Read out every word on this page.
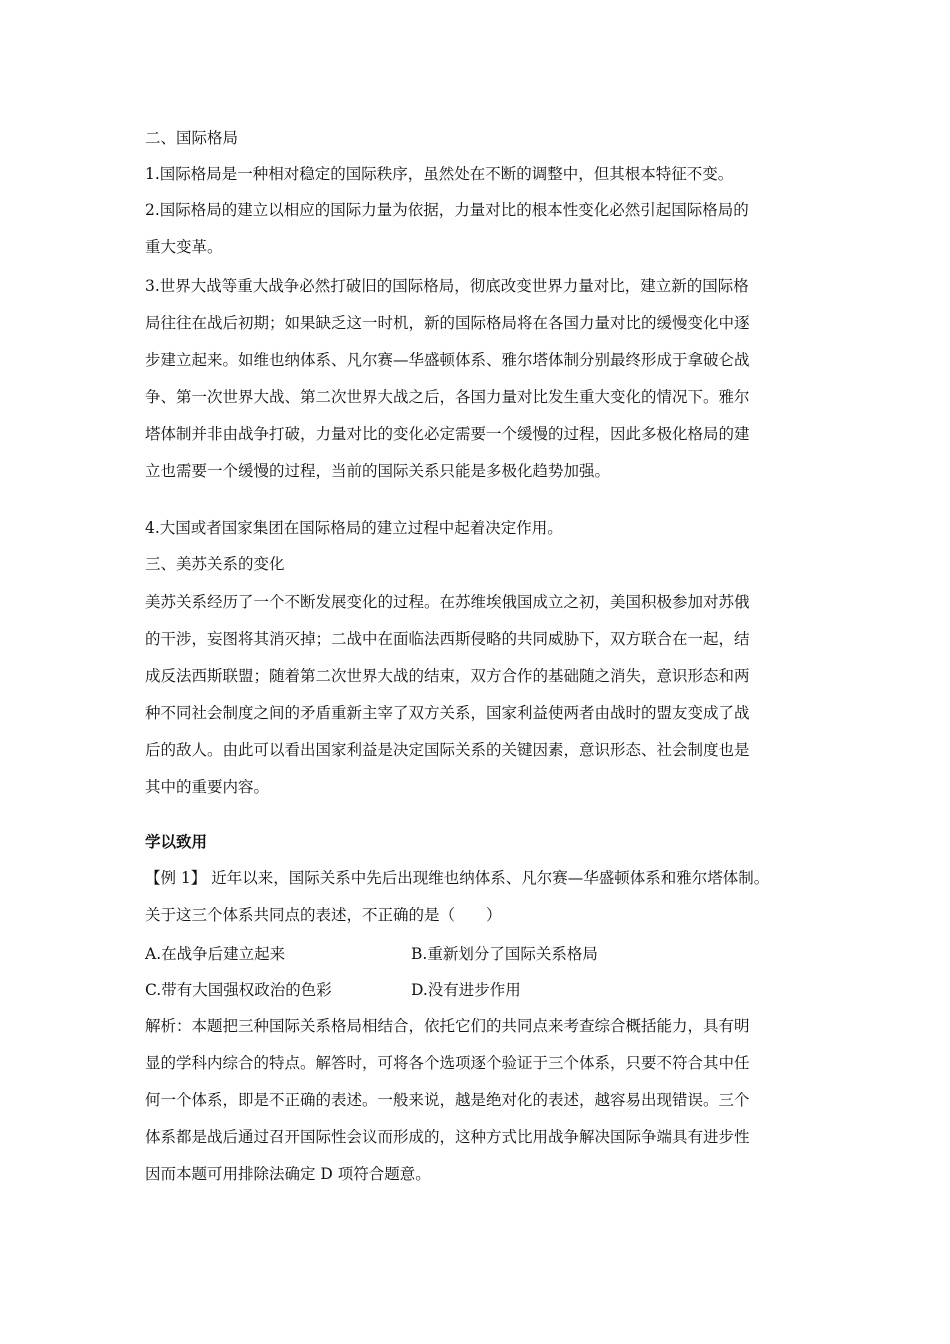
二、国际格局

1.国际格局是一种相对稳定的国际秩序，虽然处在不断的调整中，但其根本特征不变。

2.国际格局的建立以相应的国际力量为依据，力量对比的根本性变化必然引起国际格局的
重大变革。
3.世界大战等重大战争必然打破旧的国际格局，彻底改变世界力量对比，建立新的国际格
局往往在战后初期；如果缺乏这一时机，新的国际格局将在各国力量对比的缓慢变化中逐
步建立起来。如维也纳体系、凡尔赛—华盛顿体系、雅尔塔体制分别最终形成于拿破仑战
争、第一次世界大战、第二次世界大战之后，各国力量对比发生重大变化的情况下。雅尔
塔体制并非由战争打破，力量对比的变化必定需要一个缓慢的过程，因此多极化格局的建
立也需要一个缓慢的过程，当前的国际关系只能是多极化趋势加强。

4.大国或者国家集团在国际格局的建立过程中起着决定作用。

三、美苏关系的变化

美苏关系经历了一个不断发展变化的过程。在苏维埃俄国成立之初，美国积极参加对苏俄
的干涉，妄图将其消灭掉；二战中在面临法西斯侵略的共同威胁下，双方联合在一起，结
成反法西斯联盟；随着第二次世界大战的结束，双方合作的基础随之消失，意识形态和两
种不同社会制度之间的矛盾重新主宰了双方关系，国家利益使两者由战时的盟友变成了战
后的敌人。由此可以看出国家利益是决定国际关系的关键因素，意识形态、社会制度也是
其中的重要内容。

学以致用

【例 1】 近年以来，国际关系中先后出现维也纳体系、凡尔赛—华盛顿体系和雅尔塔体制。
关于这三个体系共同点的表述，不正确的是（　　）
A.在战争后建立起来	B.重新划分了国际关系格局
C.带有大国强权政治的色彩	D.没有进步作用
解析：本题把三种国际关系格局相结合，依托它们的共同点来考查综合概括能力，具有明
显的学科内综合的特点。解答时，可将各个选项逐个验证于三个体系，只要不符合其中任
何一个体系，即是不正确的表述。一般来说，越是绝对化的表述，越容易出现错误。三个
体系都是战后通过召开国际性会议而形成的，这种方式比用战争解决国际争端具有进步性
因而本题可用排除法确定 D 项符合题意。
